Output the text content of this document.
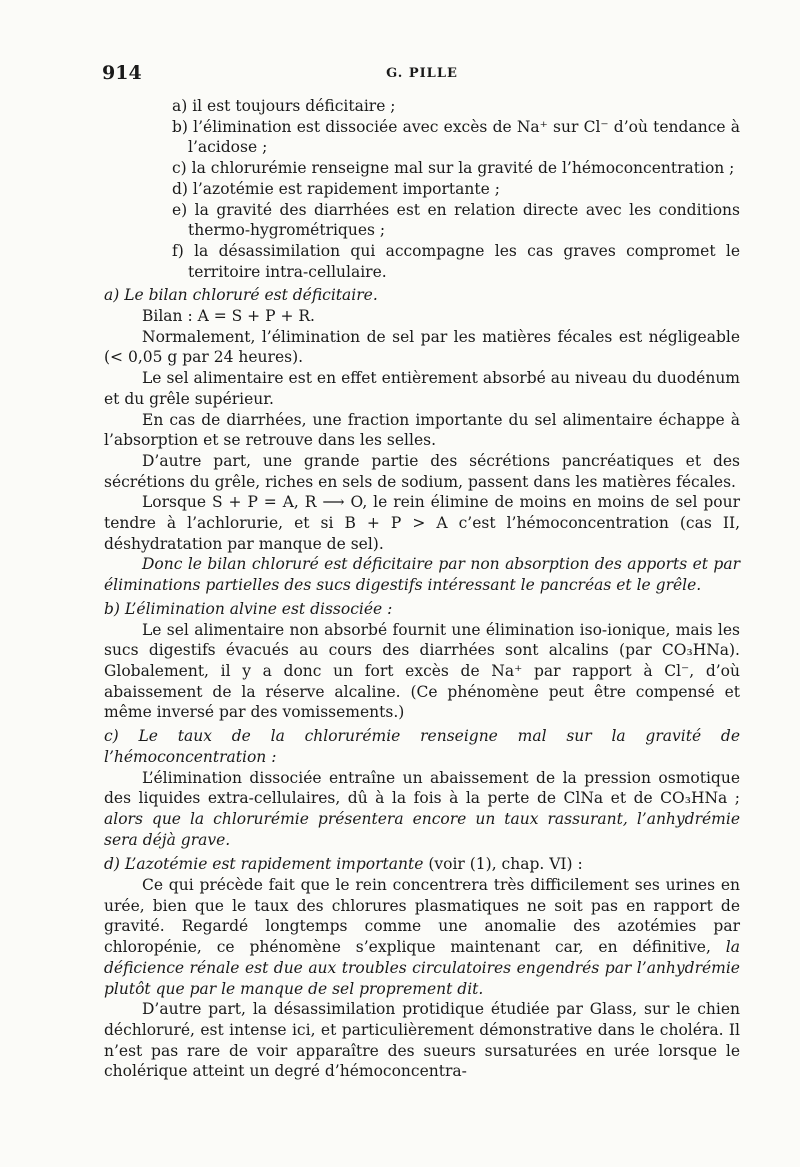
914	G. PILLE
a) il est toujours déficitaire ;
b) l’élimination est dissociée avec excès de Na⁺ sur Cl⁻ d’où tendance à l’acidose ;
c) la chlorurémie renseigne mal sur la gravité de l’hémoconcentration ;
d) l’azotémie est rapidement importante ;
e) la gravité des diarrhées est en relation directe avec les conditions thermo-hygrométriques ;
f) la désassimilation qui accompagne les cas graves compromet le territoire intra-cellulaire.

a) Le bilan chloruré est déficitaire.

Bilan : A = S + P + R.

Normalement, l’élimination de sel par les matières fécales est négligeable (< 0,05 g par 24 heures).

Le sel alimentaire est en effet entièrement absorbé au niveau du duodénum et du grêle supérieur.

En cas de diarrhées, une fraction importante du sel alimentaire échappe à l’absorption et se retrouve dans les selles.

D’autre part, une grande partie des sécrétions pancréatiques et des sécrétions du grêle, riches en sels de sodium, passent dans les matières fécales.

Lorsque S + P = A, R ⟶ O, le rein élimine de moins en moins de sel pour tendre à l’achlorurie, et si B + P > A c’est l’hémoconcentration (cas II, déshydratation par manque de sel).

Donc le bilan chloruré est déficitaire par non absorption des apports et par éliminations partielles des sucs digestifs intéressant le pancréas et le grêle.

b) L’élimination alvine est dissociée :

Le sel alimentaire non absorbé fournit une élimination iso-ionique, mais les sucs digestifs évacués au cours des diarrhées sont alcalins (par CO₃HNa). Globalement, il y a donc un fort excès de Na⁺ par rapport à Cl⁻, d’où abaissement de la réserve alcaline. (Ce phénomène peut être compensé et même inversé par des vomissements.)

c) Le taux de la chlorurémie renseigne mal sur la gravité de l’hémoconcentration :

L’élimination dissociée entraîne un abaissement de la pression osmotique des liquides extra-cellulaires, dû à la fois à la perte de ClNa et de CO₃HNa ; alors que la chlorurémie présentera encore un taux rassurant, l’anhydrémie sera déjà grave.

d) L’azotémie est rapidement importante (voir (1), chap. VI) :

Ce qui précède fait que le rein concentrera très difficilement ses urines en urée, bien que le taux des chlorures plasmatiques ne soit pas en rapport de gravité. Regardé longtemps comme une anomalie des azotémies par chloropénie, ce phénomène s’explique maintenant car, en définitive, la déficience rénale est due aux troubles circulatoires engendrés par l’anhydrémie plutôt que par le manque de sel proprement dit.

D’autre part, la désassimilation protidique étudiée par Glass, sur le chien déchloruré, est intense ici, et particulièrement démonstrative dans le choléra. Il n’est pas rare de voir apparaître des sueurs sursaturées en urée lorsque le cholérique atteint un degré d’hémoconcentra-
